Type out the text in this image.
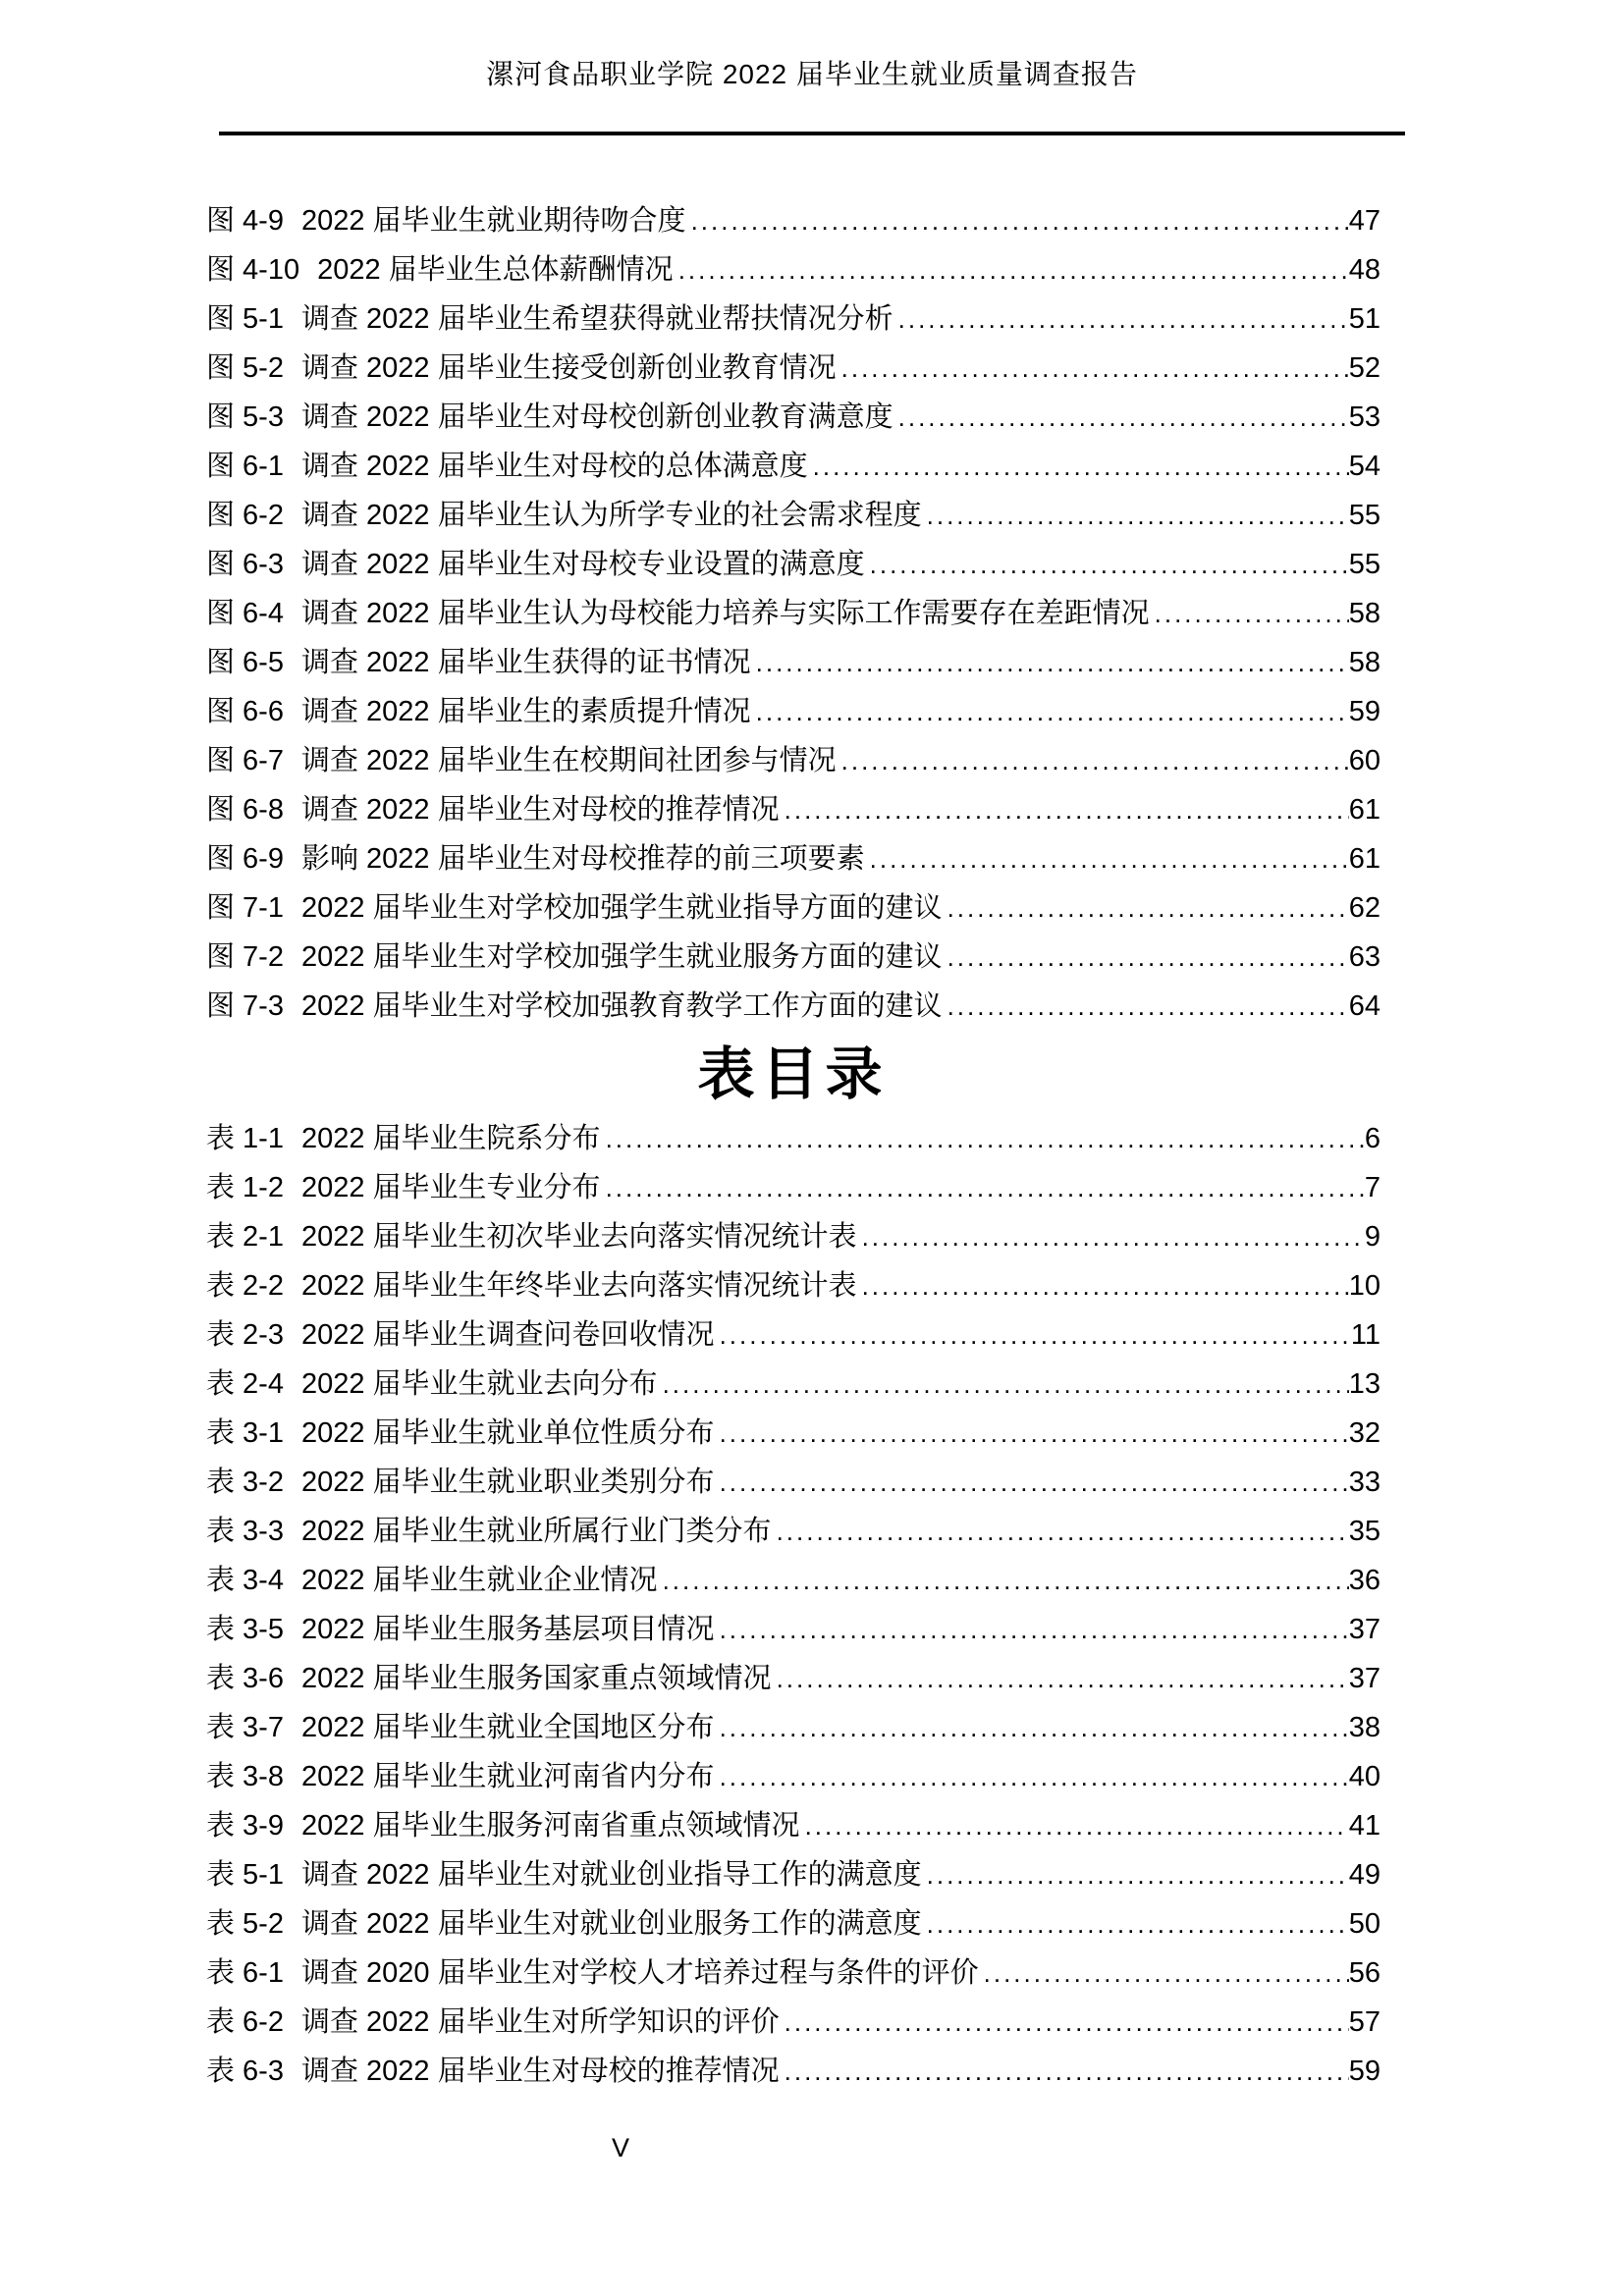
漯河食品职业学院 2022 届毕业生就业质量调查报告
图 4-9 2022 届毕业生就业期待吻合度 .....	47
图 4-10 2022 届毕业生总体薪酬情况 .....	48
图 5-1 调查 2022 届毕业生希望获得就业帮扶情况分析 .....	51
图 5-2 调查 2022 届毕业生接受创新创业教育情况 .....	52
图 5-3 调查 2022 届毕业生对母校创新创业教育满意度 .....	53
图 6-1 调查 2022 届毕业生对母校的总体满意度 .....	54
图 6-2 调查 2022 届毕业生认为所学专业的社会需求程度 .....	55
图 6-3 调查 2022 届毕业生对母校专业设置的满意度 .....	55
图 6-4 调查 2022 届毕业生认为母校能力培养与实际工作需要存在差距情况 .....	58
图 6-5 调查 2022 届毕业生获得的证书情况 .....	58
图 6-6 调查 2022 届毕业生的素质提升情况 .....	59
图 6-7 调查 2022 届毕业生在校期间社团参与情况 .....	60
图 6-8 调查 2022 届毕业生对母校的推荐情况 .....	61
图 6-9 影响 2022 届毕业生对母校推荐的前三项要素 .....	61
图 7-1 2022 届毕业生对学校加强学生就业指导方面的建议 .....	62
图 7-2 2022 届毕业生对学校加强学生就业服务方面的建议 .....	63
图 7-3 2022 届毕业生对学校加强教育教学工作方面的建议 .....	64
表目录
表 1-1 2022 届毕业生院系分布 .....	6
表 1-2 2022 届毕业生专业分布 .....	7
表 2-1 2022 届毕业生初次毕业去向落实情况统计表 .....	9
表 2-2 2022 届毕业生年终毕业去向落实情况统计表 .....	10
表 2-3 2022 届毕业生调查问卷回收情况 .....	11
表 2-4 2022 届毕业生就业去向分布 .....	13
表 3-1 2022 届毕业生就业单位性质分布 .....	32
表 3-2 2022 届毕业生就业职业类别分布 .....	33
表 3-3 2022 届毕业生就业所属行业门类分布 .....	35
表 3-4 2022 届毕业生就业企业情况 .....	36
表 3-5 2022 届毕业生服务基层项目情况 .....	37
表 3-6 2022 届毕业生服务国家重点领域情况 .....	37
表 3-7 2022 届毕业生就业全国地区分布 .....	38
表 3-8 2022 届毕业生就业河南省内分布 .....	40
表 3-9 2022 届毕业生服务河南省重点领域情况 .....	41
表 5-1 调查 2022 届毕业生对就业创业指导工作的满意度 .....	49
表 5-2 调查 2022 届毕业生对就业创业服务工作的满意度 .....	50
表 6-1 调查 2020 届毕业生对学校人才培养过程与条件的评价 .....	56
表 6-2 调查 2022 届毕业生对所学知识的评价 .....	57
表 6-3 调查 2022 届毕业生对母校的推荐情况 .....	59
V
